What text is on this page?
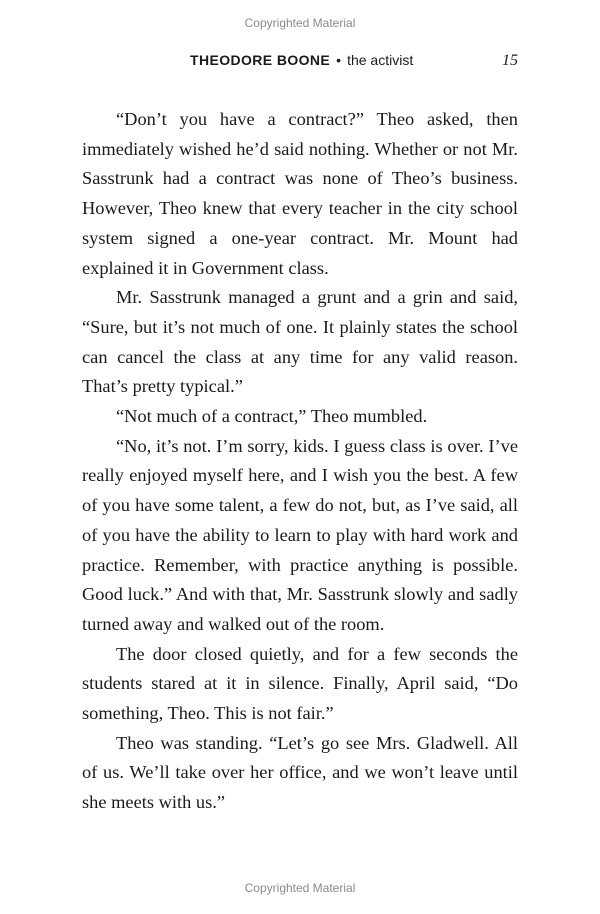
Copyrighted Material
THEODORE BOONE • the activist	15

“Don’t you have a contract?” Theo asked, then immediately wished he’d said nothing. Whether or not Mr. Sasstrunk had a contract was none of Theo’s business. However, Theo knew that every teacher in the city school system signed a one-year contract. Mr. Mount had explained it in Government class.

Mr. Sasstrunk managed a grunt and a grin and said, “Sure, but it’s not much of one. It plainly states the school can cancel the class at any time for any valid reason. That’s pretty typical.”

“Not much of a contract,” Theo mumbled.

“No, it’s not. I’m sorry, kids. I guess class is over. I’ve really enjoyed myself here, and I wish you the best. A few of you have some talent, a few do not, but, as I’ve said, all of you have the ability to learn to play with hard work and practice. Remember, with practice anything is possible. Good luck.” And with that, Mr. Sasstrunk slowly and sadly turned away and walked out of the room.

The door closed quietly, and for a few seconds the students stared at it in silence. Finally, April said, “Do something, Theo. This is not fair.”

Theo was standing. “Let’s go see Mrs. Gladwell. All of us. We’ll take over her office, and we won’t leave until she meets with us.”

Copyrighted Material
